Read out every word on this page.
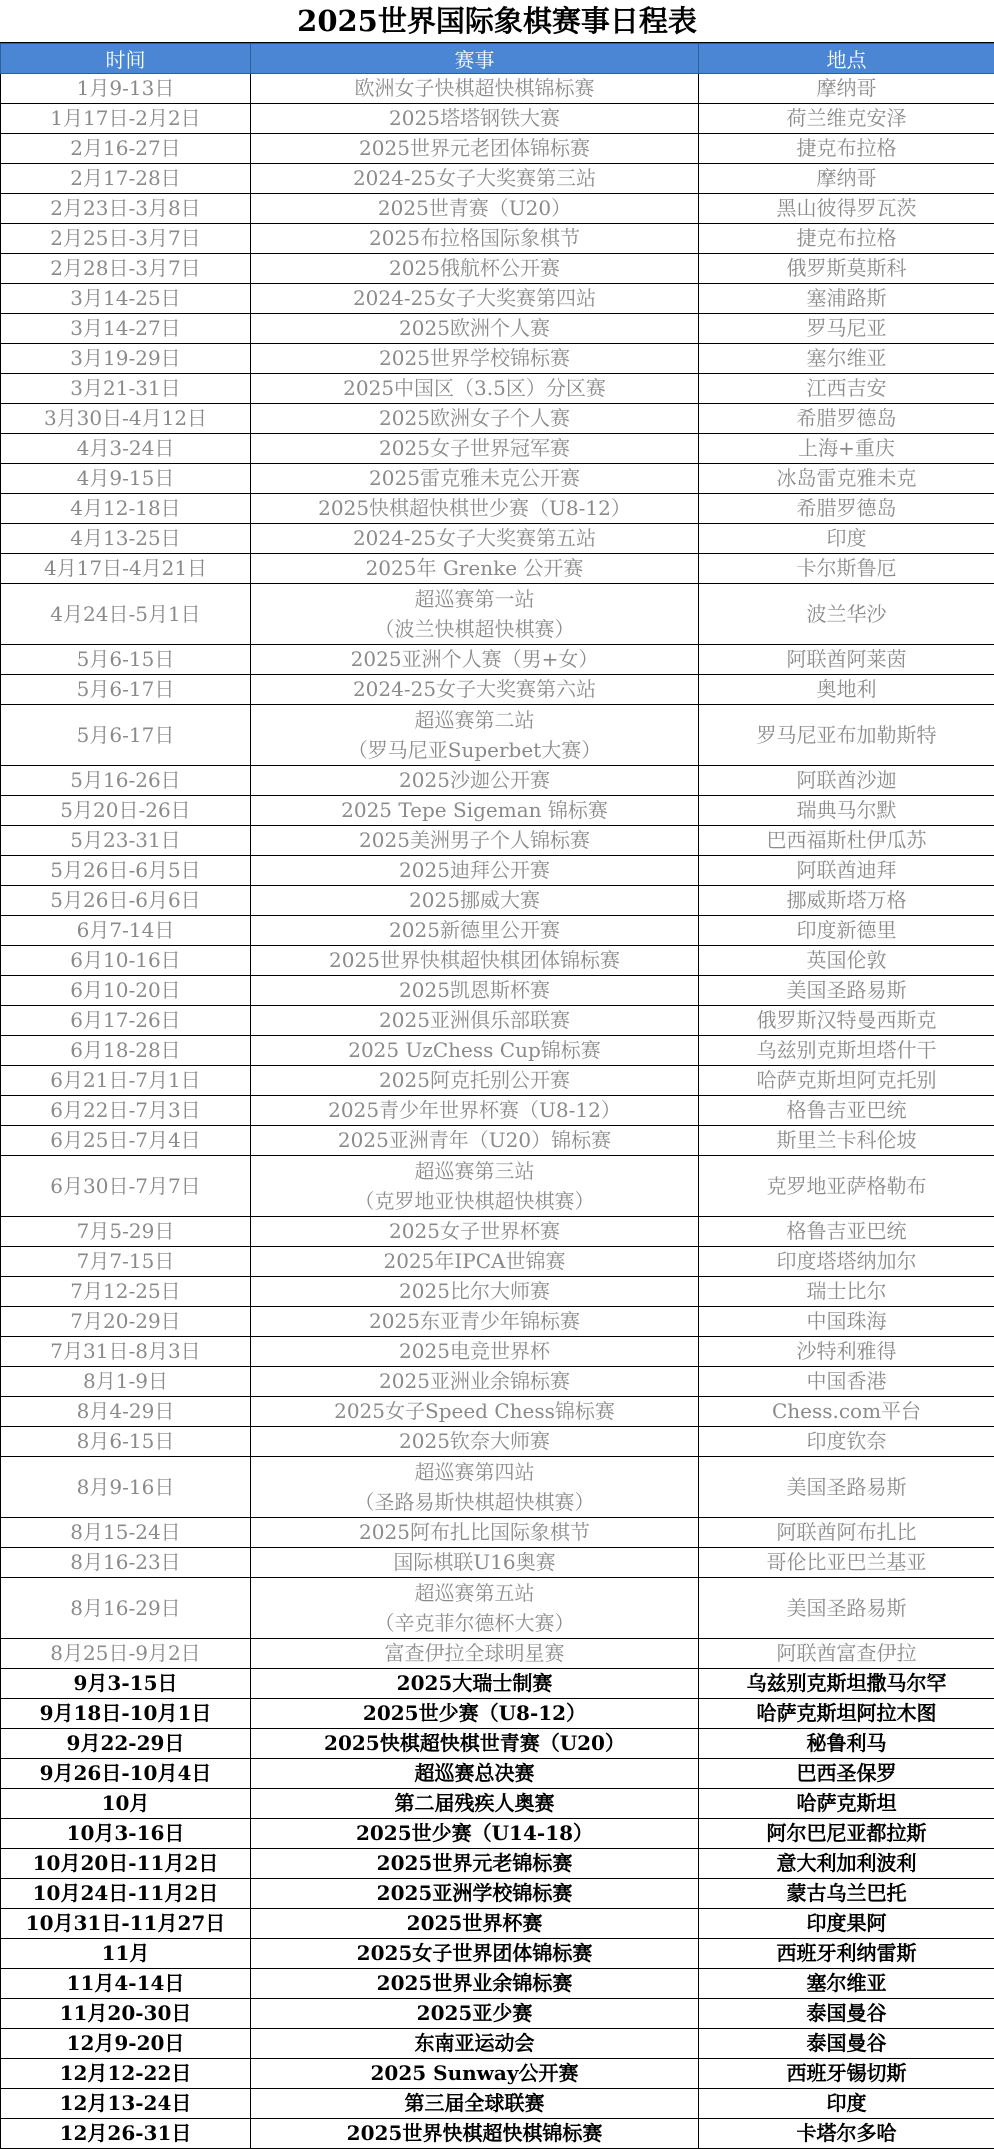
2025世界国际象棋赛事日程表
时间	赛事	地点
1月9-13日	欧洲女子快棋超快棋锦标赛	摩纳哥
1月17日-2月2日	2025塔塔钢铁大赛	荷兰维克安泽
2月16-27日	2025世界元老团体锦标赛	捷克布拉格
2月17-28日	2024-25女子大奖赛第三站	摩纳哥
2月23日-3月8日	2025世青赛（U20）	黑山彼得罗瓦茨
2月25日-3月7日	2025布拉格国际象棋节	捷克布拉格
2月28日-3月7日	2025俄航杯公开赛	俄罗斯莫斯科
3月14-25日	2024-25女子大奖赛第四站	塞浦路斯
3月14-27日	2025欧洲个人赛	罗马尼亚
3月19-29日	2025世界学校锦标赛	塞尔维亚
3月21-31日	2025中国区（3.5区）分区赛	江西吉安
3月30日-4月12日	2025欧洲女子个人赛	希腊罗德岛
4月3-24日	2025女子世界冠军赛	上海+重庆
4月9-15日	2025雷克雅未克公开赛	冰岛雷克雅未克
4月12-18日	2025快棋超快棋世少赛（U8-12）	希腊罗德岛
4月13-25日	2024-25女子大奖赛第五站	印度
4月17日-4月21日	2025年 Grenke 公开赛	卡尔斯鲁厄
4月24日-5月1日	超巡赛第一站
（波兰快棋超快棋赛）	波兰华沙
5月6-15日	2025亚洲个人赛（男+女）	阿联酋阿莱茵
5月6-17日	2024-25女子大奖赛第六站	奥地利
5月6-17日	超巡赛第二站
（罗马尼亚Superbet大赛）	罗马尼亚布加勒斯特
5月16-26日	2025沙迦公开赛	阿联酋沙迦
5月20日-26日	2025 Tepe Sigeman 锦标赛	瑞典马尔默
5月23-31日	2025美洲男子个人锦标赛	巴西福斯杜伊瓜苏
5月26日-6月5日	2025迪拜公开赛	阿联酋迪拜
5月26日-6月6日	2025挪威大赛	挪威斯塔万格
6月7-14日	2025新德里公开赛	印度新德里
6月10-16日	2025世界快棋超快棋团体锦标赛	英国伦敦
6月10-20日	2025凯恩斯杯赛	美国圣路易斯
6月17-26日	2025亚洲俱乐部联赛	俄罗斯汉特曼西斯克
6月18-28日	2025 UzChess Cup锦标赛	乌兹别克斯坦塔什干
6月21日-7月1日	2025阿克托别公开赛	哈萨克斯坦阿克托别
6月22日-7月3日	2025青少年世界杯赛（U8-12）	格鲁吉亚巴统
6月25日-7月4日	2025亚洲青年（U20）锦标赛	斯里兰卡科伦坡
6月30日-7月7日	超巡赛第三站
（克罗地亚快棋超快棋赛）	克罗地亚萨格勒布
7月5-29日	2025女子世界杯赛	格鲁吉亚巴统
7月7-15日	2025年IPCA世锦赛	印度塔塔纳加尔
7月12-25日	2025比尔大师赛	瑞士比尔
7月20-29日	2025东亚青少年锦标赛	中国珠海
7月31日-8月3日	2025电竞世界杯	沙特利雅得
8月1-9日	2025亚洲业余锦标赛	中国香港
8月4-29日	2025女子Speed Chess锦标赛	Chess.com平台
8月6-15日	2025钦奈大师赛	印度钦奈
8月9-16日	超巡赛第四站
（圣路易斯快棋超快棋赛）	美国圣路易斯
8月15-24日	2025阿布扎比国际象棋节	阿联酋阿布扎比
8月16-23日	国际棋联U16奥赛	哥伦比亚巴兰基亚
8月16-29日	超巡赛第五站
（辛克菲尔德杯大赛）	美国圣路易斯
8月25日-9月2日	富查伊拉全球明星赛	阿联酋富查伊拉
9月3-15日	2025大瑞士制赛	乌兹别克斯坦撒马尔罕
9月18日-10月1日	2025世少赛（U8-12）	哈萨克斯坦阿拉木图
9月22-29日	2025快棋超快棋世青赛（U20）	秘鲁利马
9月26日-10月4日	超巡赛总决赛	巴西圣保罗
10月	第二届残疾人奥赛	哈萨克斯坦
10月3-16日	2025世少赛（U14-18）	阿尔巴尼亚都拉斯
10月20日-11月2日	2025世界元老锦标赛	意大利加利波利
10月24日-11月2日	2025亚洲学校锦标赛	蒙古乌兰巴托
10月31日-11月27日	2025世界杯赛	印度果阿
11月	2025女子世界团体锦标赛	西班牙利纳雷斯
11月4-14日	2025世界业余锦标赛	塞尔维亚
11月20-30日	2025亚少赛	泰国曼谷
12月9-20日	东南亚运动会	泰国曼谷
12月12-22日	2025 Sunway公开赛	西班牙锡切斯
12月13-24日	第三届全球联赛	印度
12月26-31日	2025世界快棋超快棋锦标赛	卡塔尔多哈
